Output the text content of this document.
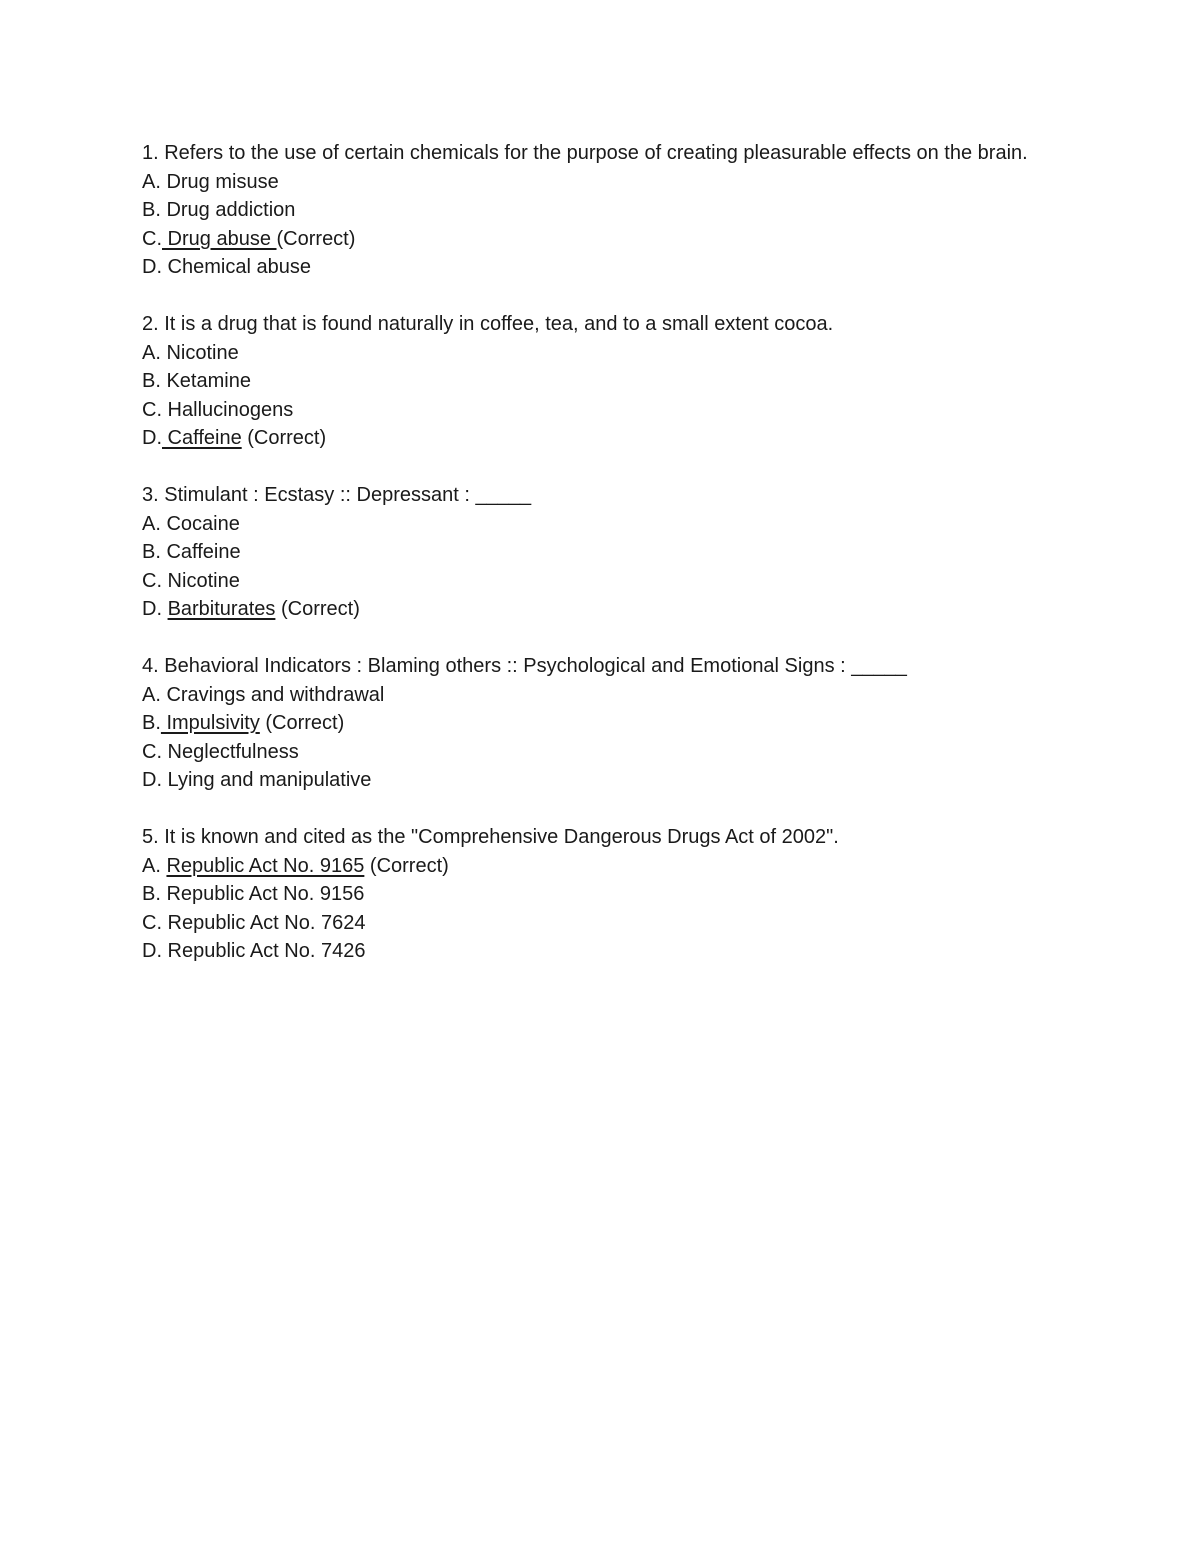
1. Refers to the use of certain chemicals for the purpose of creating pleasurable effects on the brain.
A. Drug misuse
B. Drug addiction
C. Drug abuse (Correct)
D. Chemical abuse
2. It is a drug that is found naturally in coffee, tea, and to a small extent cocoa.
A. Nicotine
B. Ketamine
C. Hallucinogens
D. Caffeine (Correct)
3. Stimulant : Ecstasy :: Depressant : _____
A. Cocaine
B. Caffeine
C. Nicotine
D. Barbiturates (Correct)
4. Behavioral Indicators : Blaming others :: Psychological and Emotional Signs : _____
A. Cravings and withdrawal
B. Impulsivity (Correct)
C. Neglectfulness
D. Lying and manipulative
5. It is known and cited as the "Comprehensive Dangerous Drugs Act of 2002".
A. Republic Act No. 9165 (Correct)
B. Republic Act No. 9156
C. Republic Act No. 7624
D. Republic Act No. 7426
